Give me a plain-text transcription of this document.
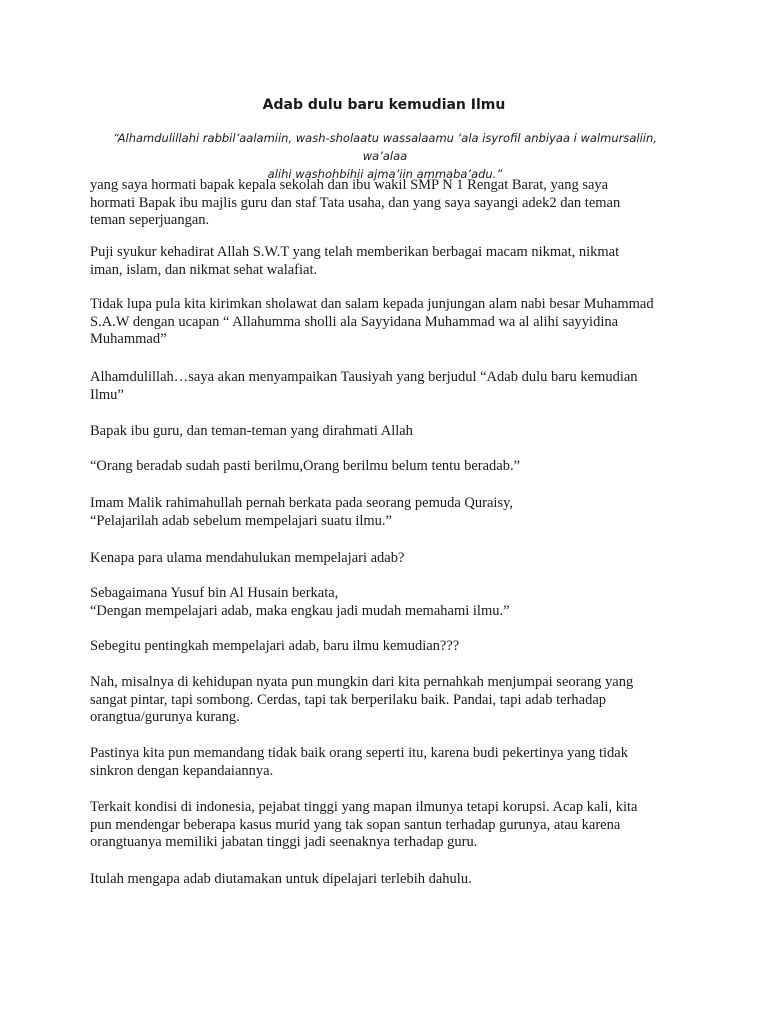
Adab dulu baru kemudian Ilmu
“Alhamdulillahi rabbil’aalamiin, wash-sholaatu wassalaamu ‘ala isyrofil anbiyaa i walmursaliin, wa’alaa
alihi washohbihii ajma’iin ammaba’adu.”
yang saya hormati bapak kepala sekolah dan ibu wakil SMP N 1 Rengat Barat, yang saya
hormati Bapak ibu majlis guru dan staf Tata usaha, dan yang saya sayangi adek2 dan teman
teman seperjuangan.
Puji syukur kehadirat Allah S.W.T yang telah memberikan berbagai macam nikmat, nikmat
iman, islam, dan nikmat sehat walafiat.
Tidak lupa pula kita kirimkan sholawat dan salam kepada junjungan alam nabi besar Muhammad
S.A.W dengan ucapan “ Allahumma sholli ala Sayyidana Muhammad wa al alihi sayyidina
Muhammad”
Alhamdulillah…saya akan menyampaikan Tausiyah yang berjudul “Adab dulu baru kemudian
Ilmu”
Bapak ibu guru, dan teman-teman yang dirahmati Allah
“Orang beradab sudah pasti berilmu,Orang berilmu belum tentu beradab.”
Imam Malik rahimahullah pernah berkata pada seorang pemuda Quraisy,
“Pelajarilah adab sebelum mempelajari suatu ilmu.”
Kenapa para ulama mendahulukan mempelajari adab?
Sebagaimana Yusuf bin Al Husain berkata,
“Dengan mempelajari adab, maka engkau jadi mudah memahami ilmu.”
Sebegitu pentingkah mempelajari adab, baru ilmu kemudian???
Nah, misalnya di kehidupan nyata pun mungkin dari kita pernahkah menjumpai seorang yang
sangat pintar, tapi sombong. Cerdas, tapi tak berperilaku baik. Pandai, tapi adab terhadap
orangtua/gurunya kurang.
Pastinya kita pun memandang tidak baik orang seperti itu, karena budi pekertinya yang tidak
sinkron dengan kepandaiannya.
Terkait kondisi di indonesia, pejabat tinggi yang mapan ilmunya tetapi korupsi. Acap kali, kita
pun mendengar beberapa kasus murid yang tak sopan santun terhadap gurunya, atau karena
orangtuanya memiliki jabatan tinggi jadi seenaknya terhadap guru.
Itulah mengapa adab diutamakan untuk dipelajari terlebih dahulu.
